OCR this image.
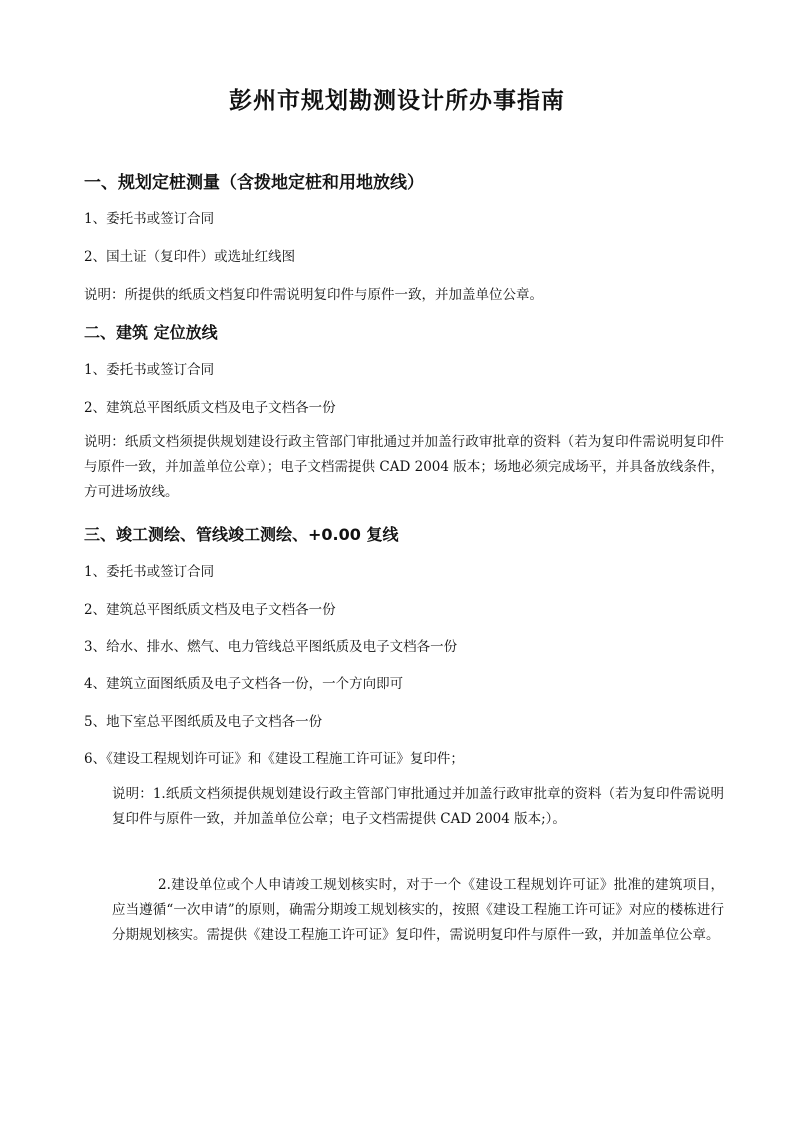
彭州市规划勘测设计所办事指南
一、规划定桩测量（含拨地定桩和用地放线）
1、委托书或签订合同
2、国土证（复印件）或选址红线图
说明：所提供的纸质文档复印件需说明复印件与原件一致，并加盖单位公章。
二、建筑 定位放线
1、委托书或签订合同
2、建筑总平图纸质文档及电子文档各一份
说明：纸质文档须提供规划建设行政主管部门审批通过并加盖行政审批章的资料（若为复印件需说明复印件与原件一致，并加盖单位公章）；电子文档需提供 CAD 2004 版本；场地必须完成场平，并具备放线条件，方可进场放线。
三、竣工测绘、管线竣工测绘、+0.00 复线
1、委托书或签订合同
2、建筑总平图纸质文档及电子文档各一份
3、给水、排水、燃气、电力管线总平图纸质及电子文档各一份
4、建筑立面图纸质及电子文档各一份，一个方向即可
5、地下室总平图纸质及电子文档各一份
6、《建设工程规划许可证》和《建设工程施工许可证》复印件；
说明：1.纸质文档须提供规划建设行政主管部门审批通过并加盖行政审批章的资料（若为复印件需说明复印件与原件一致，并加盖单位公章；电子文档需提供 CAD 2004 版本;）。
2.建设单位或个人申请竣工规划核实时，对于一个《建设工程规划许可证》批准的建筑项目，应当遵循“一次申请”的原则，确需分期竣工规划核实的，按照《建设工程施工许可证》对应的楼栋进行分期规划核实。需提供《建设工程施工许可证》复印件，需说明复印件与原件一致，并加盖单位公章。
